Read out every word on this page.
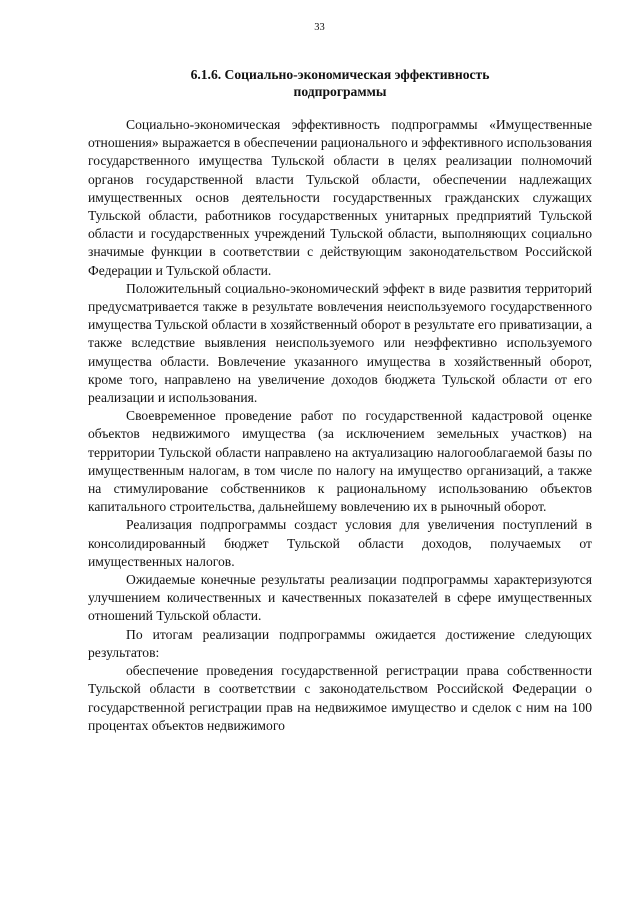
33
6.1.6. Социально-экономическая эффективность
подпрограммы

Социально-экономическая эффективность подпрограммы «Имущественные отношения» выражается в обеспечении рационального и эффективного использования государственного имущества Тульской области в целях реализации полномочий органов государственной власти Тульской области, обеспечении надлежащих имущественных основ деятельности государственных гражданских служащих Тульской области, работников государственных унитарных предприятий Тульской области и государственных учреждений Тульской области, выполняющих социально значимые функции в соответствии с действующим законодательством Российской Федерации и Тульской области.

Положительный социально-экономический эффект в виде развития территорий предусматривается также в результате вовлечения неиспользуемого государственного имущества Тульской области в хозяйственный оборот в результате его приватизации, а также вследствие выявления неиспользуемого или неэффективно используемого имущества области. Вовлечение указанного имущества в хозяйственный оборот, кроме того, направлено на увеличение доходов бюджета Тульской области от его реализации и использования.

Своевременное проведение работ по государственной кадастровой оценке объектов недвижимого имущества (за исключением земельных участков) на территории Тульской области направлено на актуализацию налогооблагаемой базы по имущественным налогам, в том числе по налогу на имущество организаций, а также на стимулирование собственников к рациональному использованию объектов капитального строительства, дальнейшему вовлечению их в рыночный оборот.

Реализация подпрограммы создаст условия для увеличения поступлений в консолидированный бюджет Тульской области доходов, получаемых от имущественных налогов.

Ожидаемые конечные результаты реализации подпрограммы характеризуются улучшением количественных и качественных показателей в сфере имущественных отношений Тульской области.

По итогам реализации подпрограммы ожидается достижение следующих результатов:

обеспечение проведения государственной регистрации права собственности Тульской области в соответствии с законодательством Российской Федерации о государственной регистрации прав на недвижимое имущество и сделок с ним на 100 процентах объектов недвижимого
